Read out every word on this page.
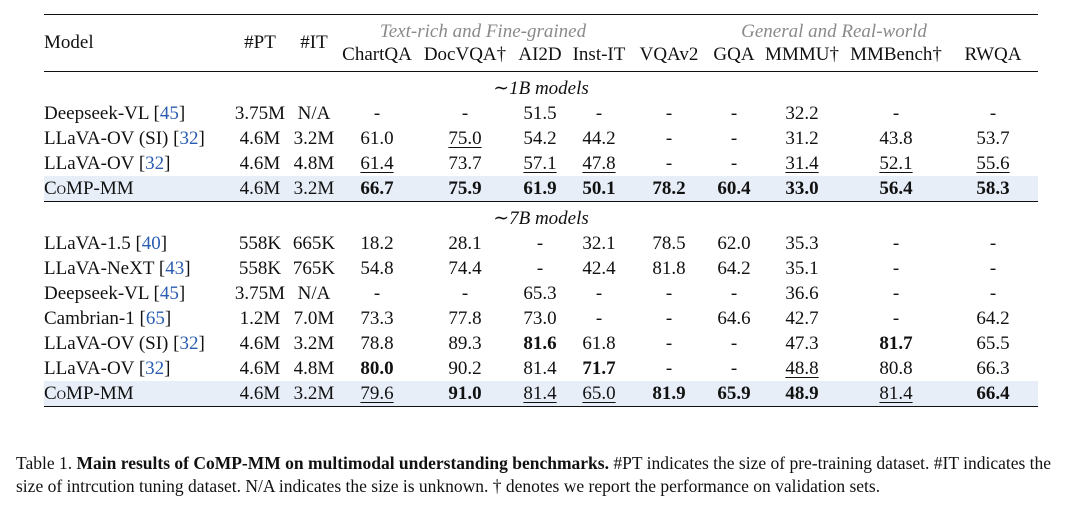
			Text-rich and Fine-grained				General and Real-world				
Model	#PT	#IT	ChartQA	DocVQA†	AI2D	Inst-IT	VQAv2	GQA	MMMU†	MMBench†	RWQA
∼1B models											
Deepseek-VL [45]	3.75M	N/A	-	-	51.5	-	-	-	32.2	-	-
LLaVA-OV (SI) [32]	4.6M	3.2M	61.0	75.0	54.2	44.2	-	-	31.2	43.8	53.7
LLaVA-OV [32]	4.6M	4.8M	61.4	73.7	57.1	47.8	-	-	31.4	52.1	55.6
CoMP-MM	4.6M	3.2M	66.7	75.9	61.9	50.1	78.2	60.4	33.0	56.4	58.3
∼7B models											
LLaVA-1.5 [40]	558K	665K	18.2	28.1	-	32.1	78.5	62.0	35.3	-	-
LLaVA-NeXT [43]	558K	765K	54.8	74.4	-	42.4	81.8	64.2	35.1	-	-
Deepseek-VL [45]	3.75M	N/A	-	-	65.3	-	-	-	36.6	-	-
Cambrian-1 [65]	1.2M	7.0M	73.3	77.8	73.0	-	-	64.6	42.7	-	64.2
LLaVA-OV (SI) [32]	4.6M	3.2M	78.8	89.3	81.6	61.8	-	-	47.3	81.7	65.5
LLaVA-OV [32]	4.6M	4.8M	80.0	90.2	81.4	71.7	-	-	48.8	80.8	66.3
CoMP-MM	4.6M	3.2M	79.6	91.0	81.4	65.0	81.9	65.9	48.9	81.4	66.4
Table 1. Main results of CoMP-MM on multimodal understanding benchmarks. #PT indicates the size of pre-training dataset. #IT indicates the size of intrcution tuning dataset. N/A indicates the size is unknown. † denotes we report the performance on validation sets.
